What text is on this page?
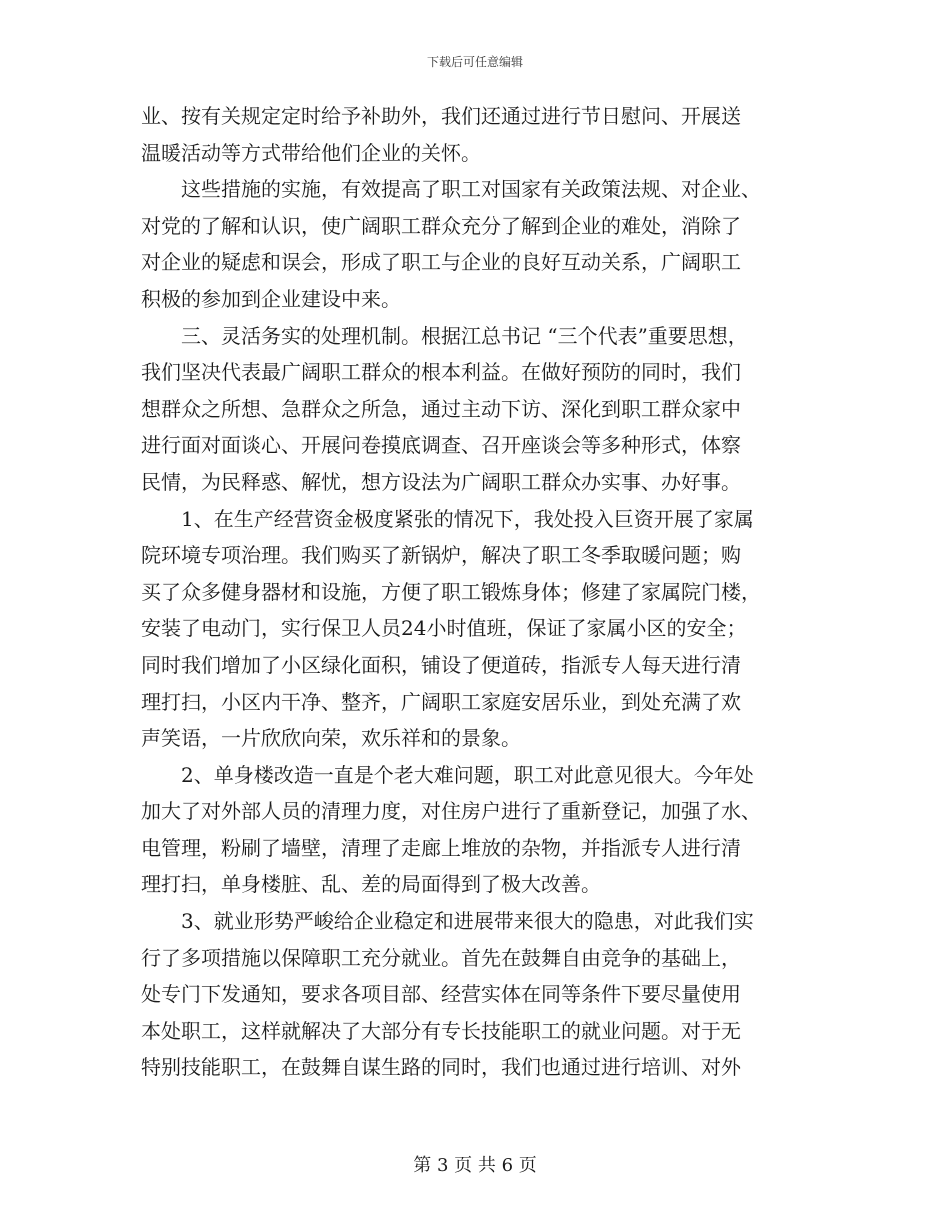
下载后可任意编辑
业、按有关规定定时给予补助外，我们还通过进行节日慰问、开展送
温暖活动等方式带给他们企业的关怀。
这些措施的实施，有效提高了职工对国家有关政策法规、对企业、
对党的了解和认识，使广阔职工群众充分了解到企业的难处，消除了
对企业的疑虑和误会，形成了职工与企业的良好互动关系，广阔职工
积极的参加到企业建设中来。
三、灵活务实的处理机制。根据江总书记 “三个代表”重要思想，
我们坚决代表最广阔职工群众的根本利益。在做好预防的同时，我们
想群众之所想、急群众之所急，通过主动下访、深化到职工群众家中
进行面对面谈心、开展问卷摸底调查、召开座谈会等多种形式，体察
民情，为民释惑、解忧，想方设法为广阔职工群众办实事、办好事。
1、在生产经营资金极度紧张的情况下，我处投入巨资开展了家属
院环境专项治理。我们购买了新锅炉，解决了职工冬季取暖问题；购
买了众多健身器材和设施，方便了职工锻炼身体；修建了家属院门楼，
安装了电动门，实行保卫人员24小时值班，保证了家属小区的安全；
同时我们增加了小区绿化面积，铺设了便道砖，指派专人每天进行清
理打扫，小区内干净、整齐，广阔职工家庭安居乐业，到处充满了欢
声笑语，一片欣欣向荣，欢乐祥和的景象。
2、单身楼改造一直是个老大难问题，职工对此意见很大。今年处
加大了对外部人员的清理力度，对住房户进行了重新登记，加强了水、
电管理，粉刷了墙壁，清理了走廊上堆放的杂物，并指派专人进行清
理打扫，单身楼脏、乱、差的局面得到了极大改善。
3、就业形势严峻给企业稳定和进展带来很大的隐患，对此我们实
行了多项措施以保障职工充分就业。首先在鼓舞自由竞争的基础上，
处专门下发通知，要求各项目部、经营实体在同等条件下要尽量使用
本处职工，这样就解决了大部分有专长技能职工的就业问题。对于无
特别技能职工，在鼓舞自谋生路的同时，我们也通过进行培训、对外
第 3 页 共 6 页
